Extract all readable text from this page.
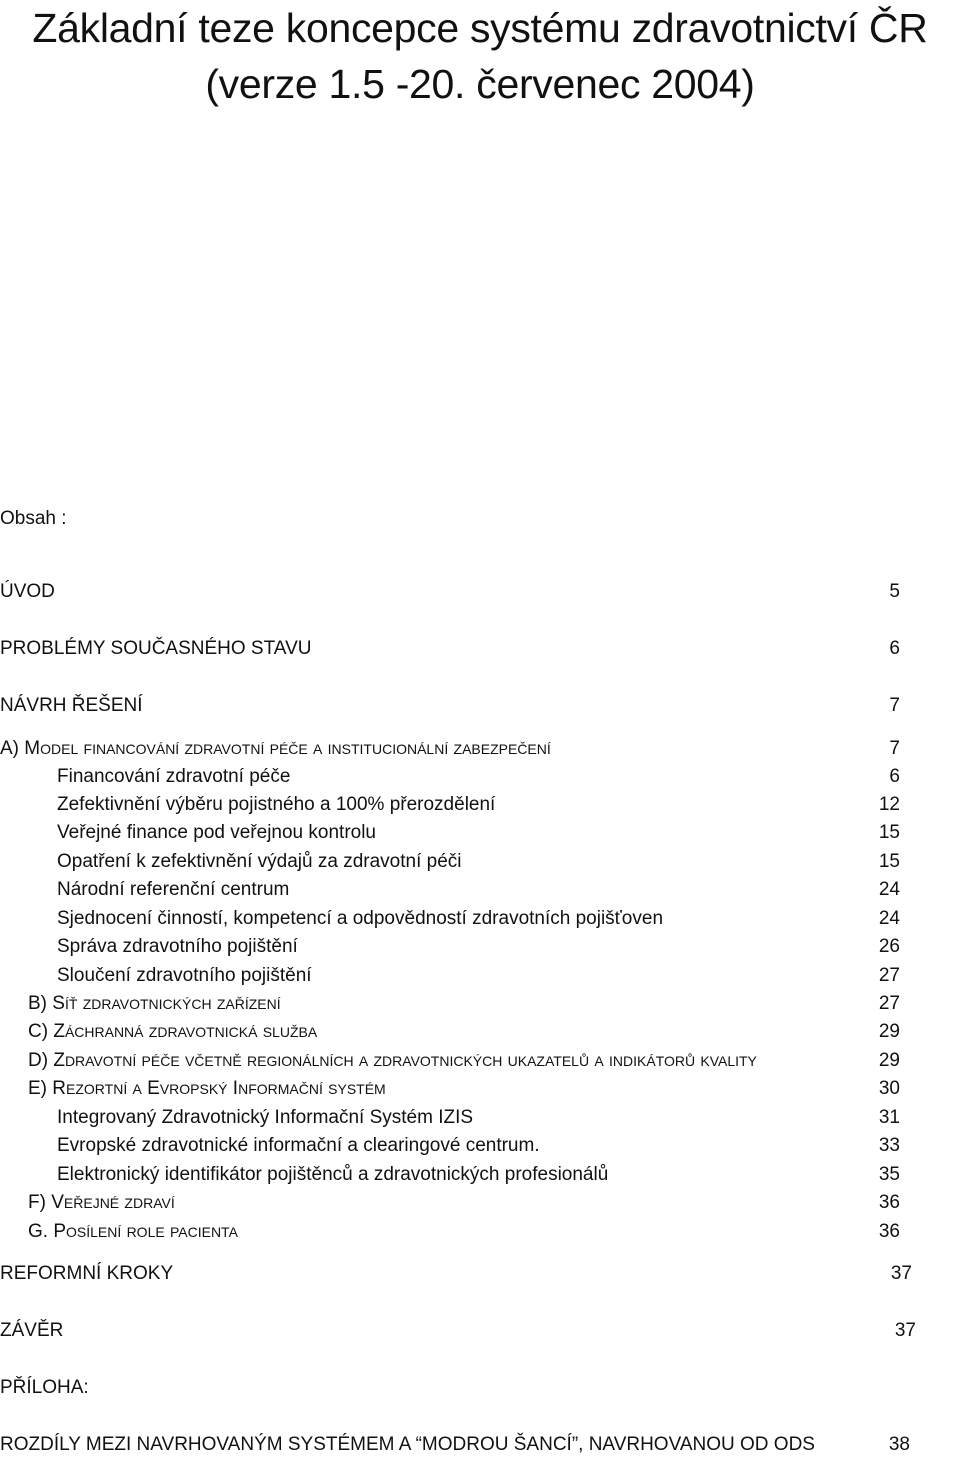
Základní teze koncepce systému zdravotnictví ČR
(verze 1.5 -20. červenec 2004)

Obsah :

ÚVOD	5
PROBLÉMY SOUČASNÉHO STAVU	6
NÁVRH ŘEŠENÍ	7
A) MODEL FINANCOVÁNÍ ZDRAVOTNÍ PÉČE A INSTITUCIONÁLNÍ ZABEZPEČENÍ	7
Financování zdravotní péče	6
Zefektivnění výběru pojistného a 100% přerozdělení	12
Veřejné finance pod veřejnou kontrolu	15
Opatření k zefektivnění výdajů za zdravotní péči	15
Národní referenční centrum	24
Sjednocení činností, kompetencí a odpovědností zdravotních pojišťoven	24
Správa zdravotního pojištění	26
Sloučení zdravotního pojištění	27
B) SÍŤ ZDRAVOTNICKÝCH ZAŘÍZENÍ	27
C) ZÁCHRANNÁ ZDRAVOTNICKÁ SLUŽBA	29
D) ZDRAVOTNÍ PÉČE VČETNĚ REGIONÁLNÍCH A ZDRAVOTNICKÝCH UKAZATELŮ A INDIKÁTORŮ KVALITY	29
E) REZORTNÍ A EVROPSKÝ INFORMAČNÍ SYSTÉM	30
Integrovaný Zdravotnický Informační Systém IZIS	31
Evropské zdravotnické informační a clearingové centrum.	33
Elektronický identifikátor pojištěnců a zdravotnických profesionálů	35
F) VEŘEJNÉ ZDRAVÍ	36
G. POSÍLENÍ ROLE PACIENTA	36
REFORMNÍ KROKY	37
ZÁVĚR	37
PŘÍLOHA:
ROZDÍLY MEZI NAVRHOVANÝM SYSTÉMEM A “MODROU ŠANCÍ”, NAVRHOVANOU OD ODS	38
